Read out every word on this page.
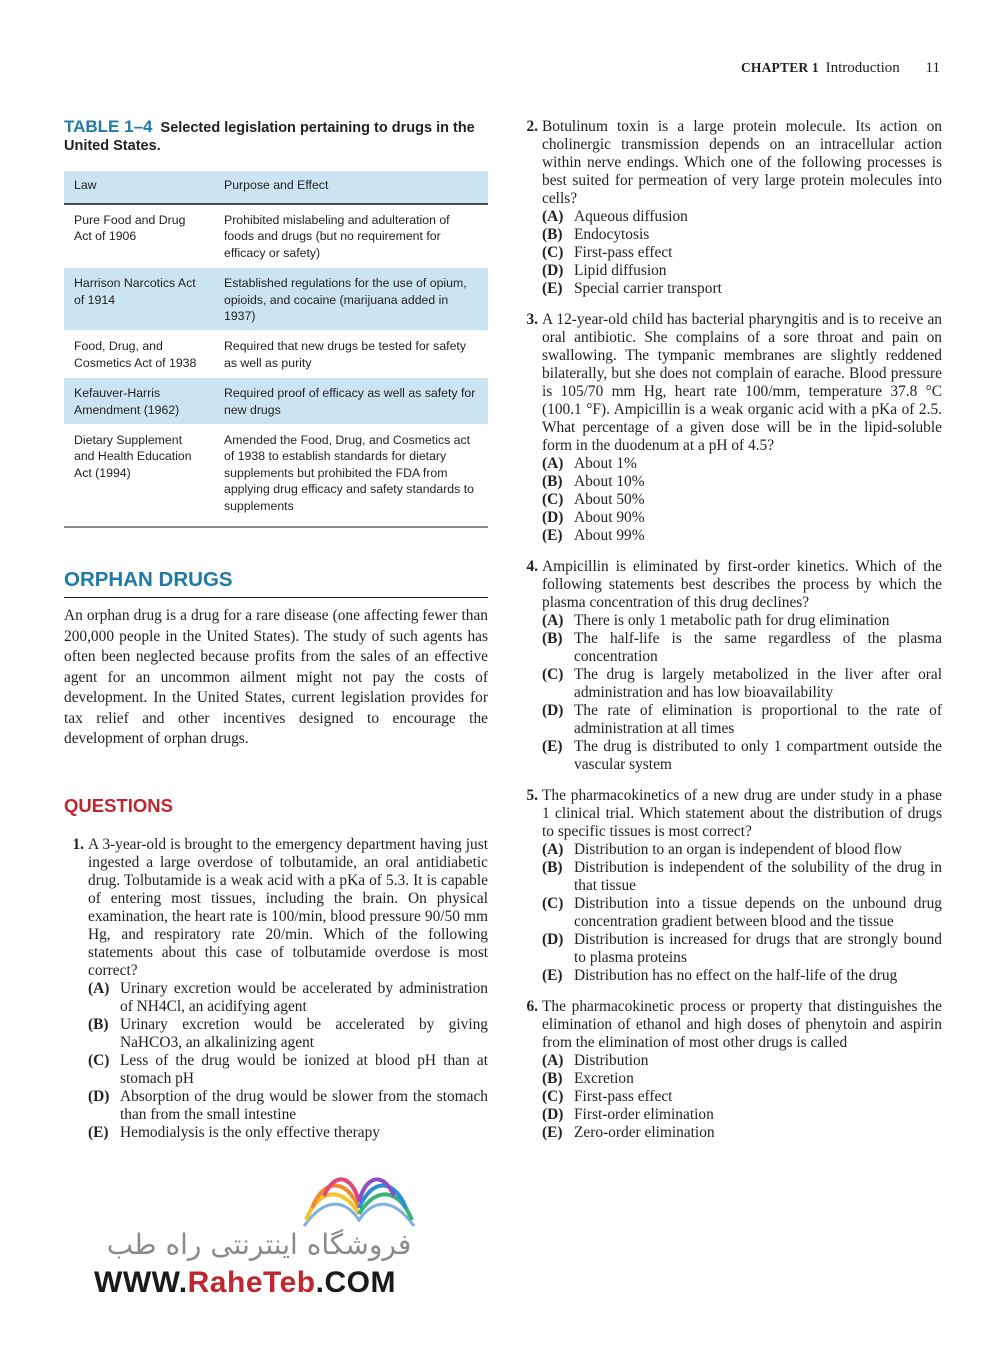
CHAPTER 1 Introduction 11
TABLE 1–4 Selected legislation pertaining to drugs in the United States.
Law	Purpose and Effect
Pure Food and Drug Act of 1906	Prohibited mislabeling and adulteration of foods and drugs (but no requirement for efficacy or safety)
Harrison Narcotics Act of 1914	Established regulations for the use of opium, opioids, and cocaine (marijuana added in 1937)
Food, Drug, and Cosmetics Act of 1938	Required that new drugs be tested for safety as well as purity
Kefauver-Harris Amendment (1962)	Required proof of efficacy as well as safety for new drugs
Dietary Supplement and Health Education Act (1994)	Amended the Food, Drug, and Cosmetics act of 1938 to establish standards for dietary supplements but prohibited the FDA from applying drug efficacy and safety standards to supplements
ORPHAN DRUGS

An orphan drug is a drug for a rare disease (one affecting fewer than 200,000 people in the United States). The study of such agents has often been neglected because profits from the sales of an effective agent for an uncommon ailment might not pay the costs of development. In the United States, current legislation provides for tax relief and other incentives designed to encourage the development of orphan drugs.

QUESTIONS
1. A 3-year-old is brought to the emergency department having just ingested a large overdose of tolbutamide, an oral antidiabetic drug. Tolbutamide is a weak acid with a pKa of 5.3. It is capable of entering most tissues, including the brain. On physical examination, the heart rate is 100/min, blood pressure 90/50 mm Hg, and respiratory rate 20/min. Which of the following statements about this case of tolbutamide overdose is most correct?
(A) Urinary excretion would be accelerated by administration of NH4Cl, an acidifying agent
(B) Urinary excretion would be accelerated by giving NaHCO3, an alkalinizing agent
(C) Less of the drug would be ionized at blood pH than at stomach pH
(D) Absorption of the drug would be slower from the stomach than from the small intestine
(E) Hemodialysis is the only effective therapy
2. Botulinum toxin is a large protein molecule. Its action on cholinergic transmission depends on an intracellular action within nerve endings. Which one of the following processes is best suited for permeation of very large protein molecules into cells?
(A) Aqueous diffusion
(B) Endocytosis
(C) First-pass effect
(D) Lipid diffusion
(E) Special carrier transport
3. A 12-year-old child has bacterial pharyngitis and is to receive an oral antibiotic. She complains of a sore throat and pain on swallowing. The tympanic membranes are slightly reddened bilaterally, but she does not complain of earache. Blood pressure is 105/70 mm Hg, heart rate 100/mm, temperature 37.8 °C (100.1 °F). Ampicillin is a weak organic acid with a pKa of 2.5. What percentage of a given dose will be in the lipid-soluble form in the duodenum at a pH of 4.5?
(A) About 1%
(B) About 10%
(C) About 50%
(D) About 90%
(E) About 99%
4. Ampicillin is eliminated by first-order kinetics. Which of the following statements best describes the process by which the plasma concentration of this drug declines?
(A) There is only 1 metabolic path for drug elimination
(B) The half-life is the same regardless of the plasma concentration
(C) The drug is largely metabolized in the liver after oral administration and has low bioavailability
(D) The rate of elimination is proportional to the rate of administration at all times
(E) The drug is distributed to only 1 compartment outside the vascular system
5. The pharmacokinetics of a new drug are under study in a phase 1 clinical trial. Which statement about the distribution of drugs to specific tissues is most correct?
(A) Distribution to an organ is independent of blood flow
(B) Distribution is independent of the solubility of the drug in that tissue
(C) Distribution into a tissue depends on the unbound drug concentration gradient between blood and the tissue
(D) Distribution is increased for drugs that are strongly bound to plasma proteins
(E) Distribution has no effect on the half-life of the drug
6. The pharmacokinetic process or property that distinguishes the elimination of ethanol and high doses of phenytoin and aspirin from the elimination of most other drugs is called
(A) Distribution
(B) Excretion
(C) First-pass effect
(D) First-order elimination
(E) Zero-order elimination
فروشگاه اینترنتی راه طب
WWW.RaheTeb.COM
